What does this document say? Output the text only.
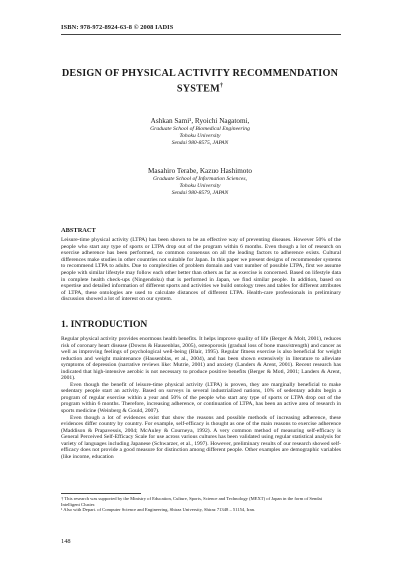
ISBN: 978-972-8924-63-8 © 2008 IADIS
DESIGN OF PHYSICAL ACTIVITY RECOMMENDATION SYSTEM†
Ashkan Sami¹, Ryoichi Nagatomi,
Graduate School of Biomedical Engineering
Tohoku University
Sendai 980-8575, JAPAN
Masahiro Terabe, Kazuo Hashimoto
Graduate School of Information Sciences,
Tohoku University
Sendai 980-8579, JAPAN
ABSTRACT
Leisure-time physical activity (LTPA) has been shown to be an effective way of preventing diseases. However 50% of the people who start any type of sports or LTPA drop out of the program within 6 months. Even though a lot of research on exercise adherence has been performed, no common consensus on all the leading factors to adherence exists. Cultural differences make studies in other countries not suitable for Japan. In this paper we present designs of recommender systems to recommend LTPA to adults. Due to complexities of problem domain and vast number of possible LTPA, first we assume people with similar lifestyle may follow each other better than others as far as exercise is concerned. Based on lifestyle data in complete health check-ups (Ningendoku) that is performed in Japan, we find similar people. In addition, based on expertise and detailed information of different sports and activities we build ontology trees and tables for different attributes of LTPA, these ontologies are used to calculate distances of different LTPA. Health-care professionals in preliminary discussion showed a lot of interest on our system.
1. INTRODUCTION

Regular physical activity provides enormous health benefits. It helps improve quality of life (Berger & Molt, 2001), reduces risk of coronary heart disease (Downs & Hausenblas, 2005), osteoporosis (gradual loss of bone mass/strength) and cancer as well as improving feelings of psychological well-being (Blair, 1995). Regular fitness exercise is also beneficial for weight reduction and weight maintenance (Hausenblas, et al., 2004), and has been shown extensively in literature to alleviate symptoms of depression (narrative reviews like: Mutrie, 2001) and anxiety (Landers & Arent, 2001). Recent research has indicated that high-intensive aerobic is not necessary to produce positive benefits (Berger & Motl, 2001; Landers & Arent, 2001).

Even though the benefit of leisure-time physical activity (LTPA) is proven, they are marginally beneficial to make sedentary people start an activity. Based on surveys in several industrialized nations, 10% of sedentary adults begin a program of regular exercise within a year and 50% of the people who start any type of sports or LTPA drop out of the program within 6 months. Therefore, increasing adherence, or continuation of LTPA, has been an active area of research in sports medicine (Weinberg & Gould, 2007).

Even though a lot of evidences exist that show the reasons and possible methods of increasing adherence, these evidences differ country by country. For example, self-efficacy is thought as one of the main reasons to exercise adherence (Maddison & Prapavessis, 2004; McAuley & Courneya, 1992). A very common method of measuring self-efficacy is General Perceived Self-Efficacy Scale for use across various cultures has been validated using regular statistical analysis for variety of languages including Japanese (Schwarzer, et al., 1997). However, preliminary results of our research showed self-efficacy does not provide a good measure for distinction among different people. Other examples are demographic variables (like income, education

† This research was supported by the Ministry of Education, Culture, Sports, Science and Technology (MEXT) of Japan in the form of Sendai Intelligent Cluster.
¹ Also with Depart. of Computer Science and Engineering, Shiraz University, Shiraz 71348 – 51154, Iran.
148
